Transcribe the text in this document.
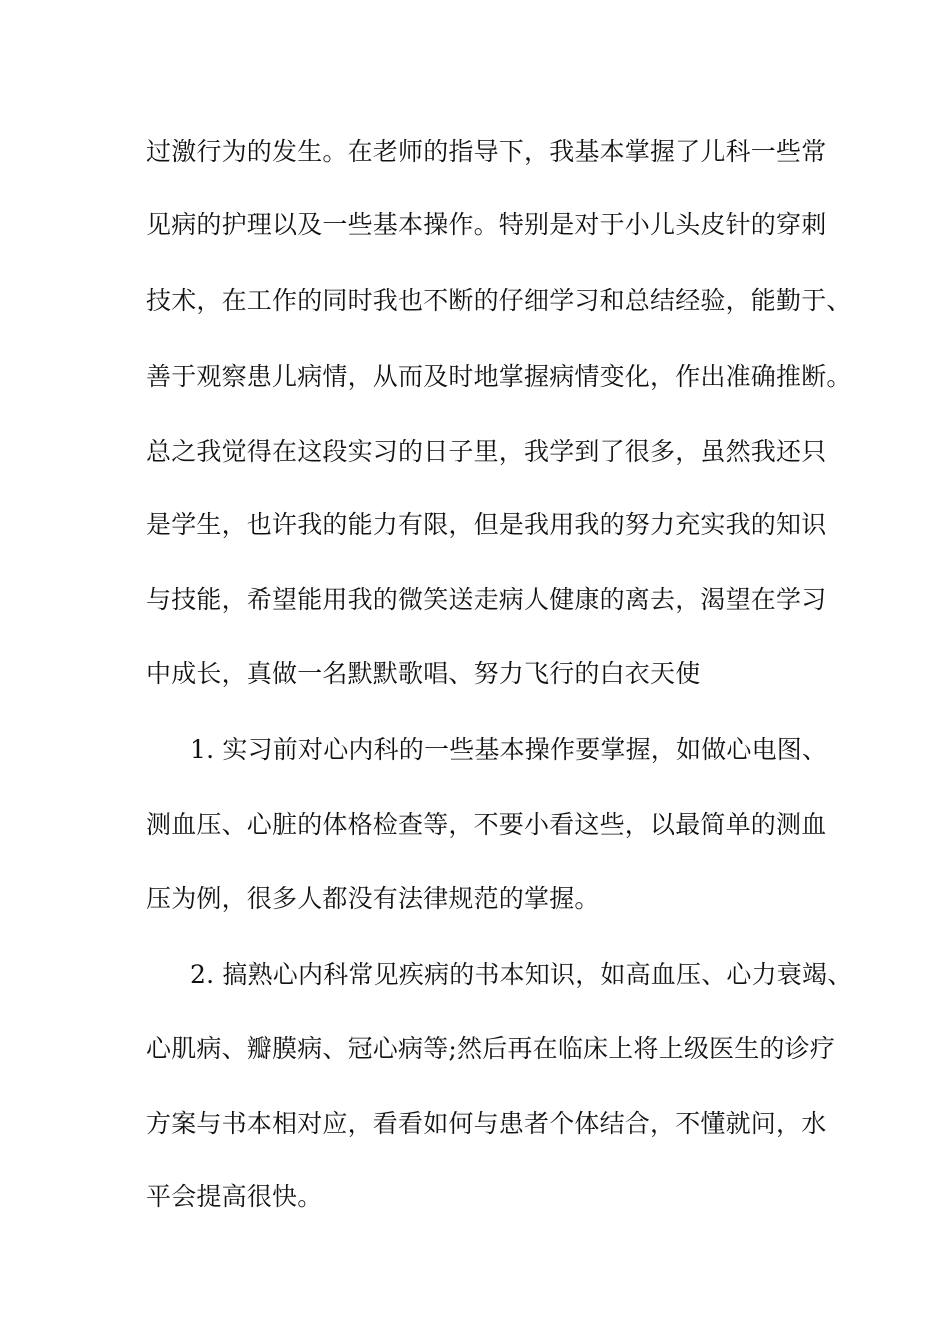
过激行为的发生。在老师的指导下，我基本掌握了儿科一些常
见病的护理以及一些基本操作。特别是对于小儿头皮针的穿刺
技术，在工作的同时我也不断的仔细学习和总结经验，能勤于、
善于观察患儿病情，从而及时地掌握病情变化，作出准确推断。
总之我觉得在这段实习的日子里，我学到了很多，虽然我还只
是学生，也许我的能力有限，但是我用我的努力充实我的知识
与技能，希望能用我的微笑送走病人健康的离去，渴望在学习
中成长，真做一名默默歌唱、努力飞行的白衣天使
1. 实习前对心内科的一些基本操作要掌握，如做心电图、
测血压、心脏的体格检查等，不要小看这些，以最简单的测血
压为例，很多人都没有法律规范的掌握。
2. 搞熟心内科常见疾病的书本知识，如高血压、心力衰竭、
心肌病、瓣膜病、冠心病等;然后再在临床上将上级医生的诊疗
方案与书本相对应，看看如何与患者个体结合，不懂就问，水
平会提高很快。
